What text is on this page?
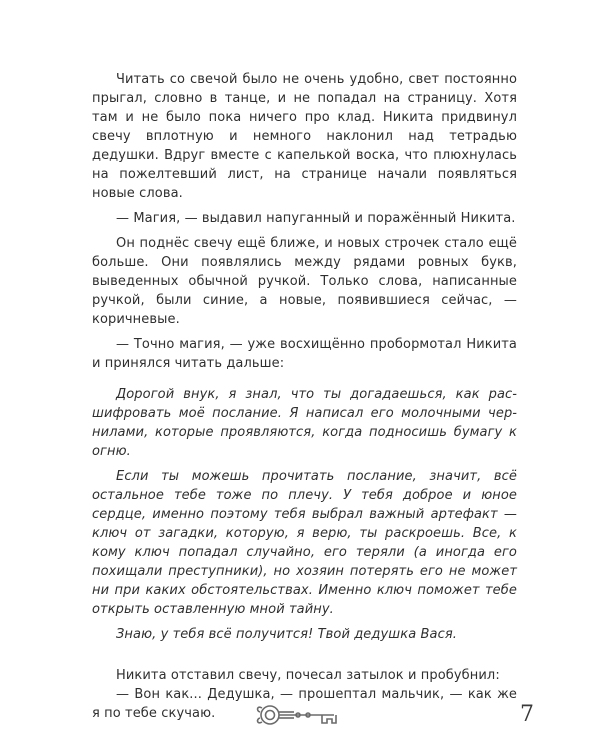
Читать со свечой было не очень удобно, свет постоянно прыгал, словно в танце, и не попадал на страницу. Хотя там и не было пока ничего про клад. Никита придвинул свечу вплотную и немного наклонил над тетрадью дедушки. Вдруг вместе с капелькой воска, что плюхнулась на пожелтевший лист, на странице начали появляться новые слова.

— Магия, — выдавил напуганный и поражённый Никита.

Он поднёс свечу ещё ближе, и новых строчек стало ещё больше. Они появлялись между рядами ровных букв, выведенных обычной ручкой. Только слова, написанные ручкой, были синие, а новые, появившиеся сейчас, — коричневые.

— Точно магия, — уже восхищённо пробормотал Никита и принялся читать дальше:

Дорогой внук, я знал, что ты догадаешься, как расшифровать моё послание. Я написал его молочными чернилами, которые проявляются, когда подносишь бумагу к огню.

Если ты можешь прочитать послание, значит, всё остальное тебе тоже по плечу. У тебя доброе и юное сердце, именно поэтому тебя выбрал важный артефакт — ключ от загадки, которую, я верю, ты раскроешь. Все, к кому ключ попадал случайно, его теряли (а иногда его похищали преступники), но хозяин потерять его не может ни при каких обстоятельствах. Именно ключ поможет тебе открыть оставленную мной тайну.

Знаю, у тебя всё получится! Твой дедушка Вася.

Никита отставил свечу, почесал затылок и пробубнил:

— Вон как... Дедушка, — прошептал мальчик, — как же я по тебе скучаю.	7
